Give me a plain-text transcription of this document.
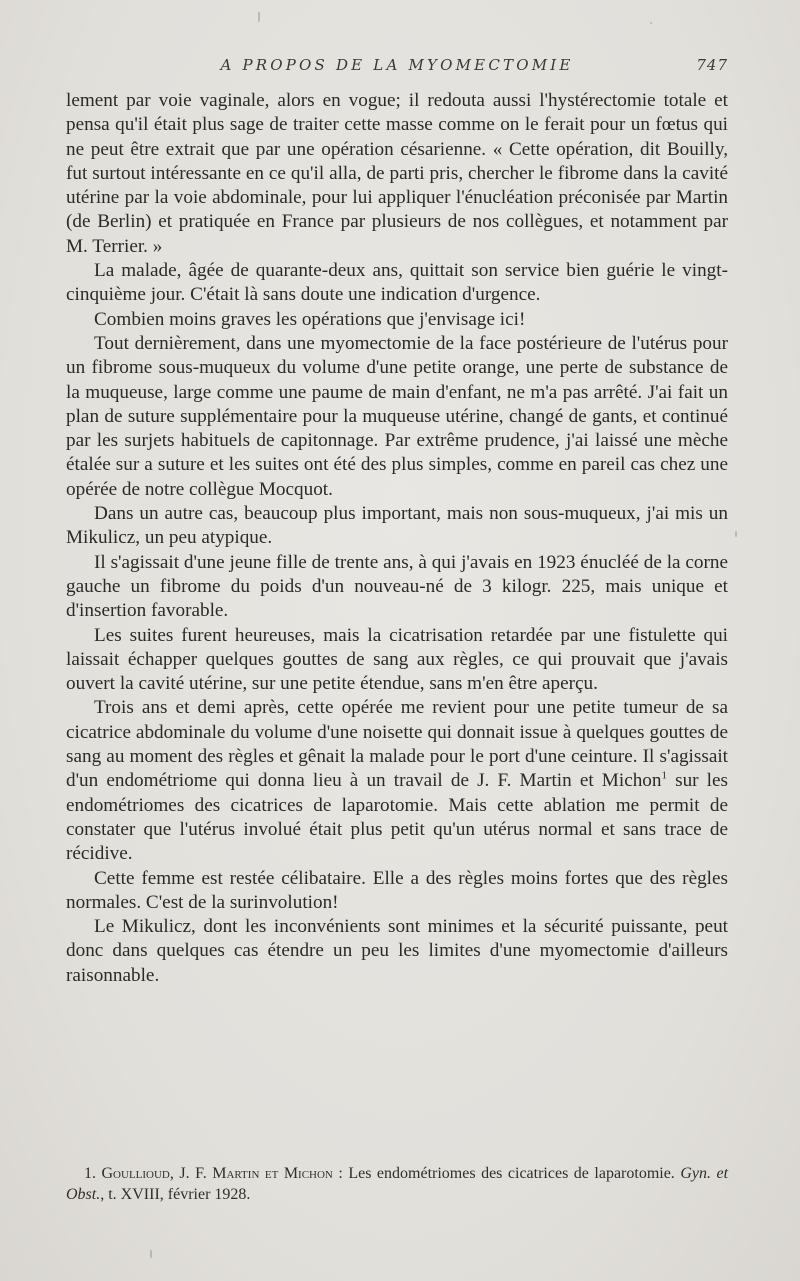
A PROPOS DE LA MYOMECTOMIE	747

lement par voie vaginale, alors en vogue; il redouta aussi l'hystérectomie totale et pensa qu'il était plus sage de traiter cette masse comme on le ferait pour un fœtus qui ne peut être extrait que par une opération césarienne. « Cette opération, dit Bouilly, fut surtout intéressante en ce qu'il alla, de parti pris, chercher le fibrome dans la cavité utérine par la voie abdominale, pour lui appliquer l'énucléation préconisée par Martin (de Berlin) et pratiquée en France par plusieurs de nos collègues, et notamment par M. Terrier. »

La malade, âgée de quarante-deux ans, quittait son service bien guérie le vingt-cinquième jour. C'était là sans doute une indication d'urgence.

Combien moins graves les opérations que j'envisage ici!

Tout dernièrement, dans une myomectomie de la face postérieure de l'utérus pour un fibrome sous-muqueux du volume d'une petite orange, une perte de substance de la muqueuse, large comme une paume de main d'enfant, ne m'a pas arrêté. J'ai fait un plan de suture supplémentaire pour la muqueuse utérine, changé de gants, et continué par les surjets habituels de capitonnage. Par extrême prudence, j'ai laissé une mèche étalée sur a suture et les suites ont été des plus simples, comme en pareil cas chez une opérée de notre collègue Mocquot.

Dans un autre cas, beaucoup plus important, mais non sous-muqueux, j'ai mis un Mikulicz, un peu atypique.

Il s'agissait d'une jeune fille de trente ans, à qui j'avais en 1923 énucléé de la corne gauche un fibrome du poids d'un nouveau-né de 3 kilogr. 225, mais unique et d'insertion favorable.

Les suites furent heureuses, mais la cicatrisation retardée par une fistulette qui laissait échapper quelques gouttes de sang aux règles, ce qui prouvait que j'avais ouvert la cavité utérine, sur une petite étendue, sans m'en être aperçu.

Trois ans et demi après, cette opérée me revient pour une petite tumeur de sa cicatrice abdominale du volume d'une noisette qui donnait issue à quelques gouttes de sang au moment des règles et gênait la malade pour le port d'une ceinture. Il s'agissait d'un endométriome qui donna lieu à un travail de J. F. Martin et Michon$^1$ sur les endométriomes des cicatrices de laparotomie. Mais cette ablation me permit de constater que l'utérus involué était plus petit qu'un utérus normal et sans trace de récidive.

Cette femme est restée célibataire. Elle a des règles moins fortes que des règles normales. C'est de la surinvolution!

Le Mikulicz, dont les inconvénients sont minimes et la sécurité puissante, peut donc dans quelques cas étendre un peu les limites d'une myomectomie d'ailleurs raisonnable.

1. Goullioud, J. F. Martin et Michon : Les endométriomes des cicatrices de laparotomie. Gyn. et Obst., t. XVIII, février 1928.
